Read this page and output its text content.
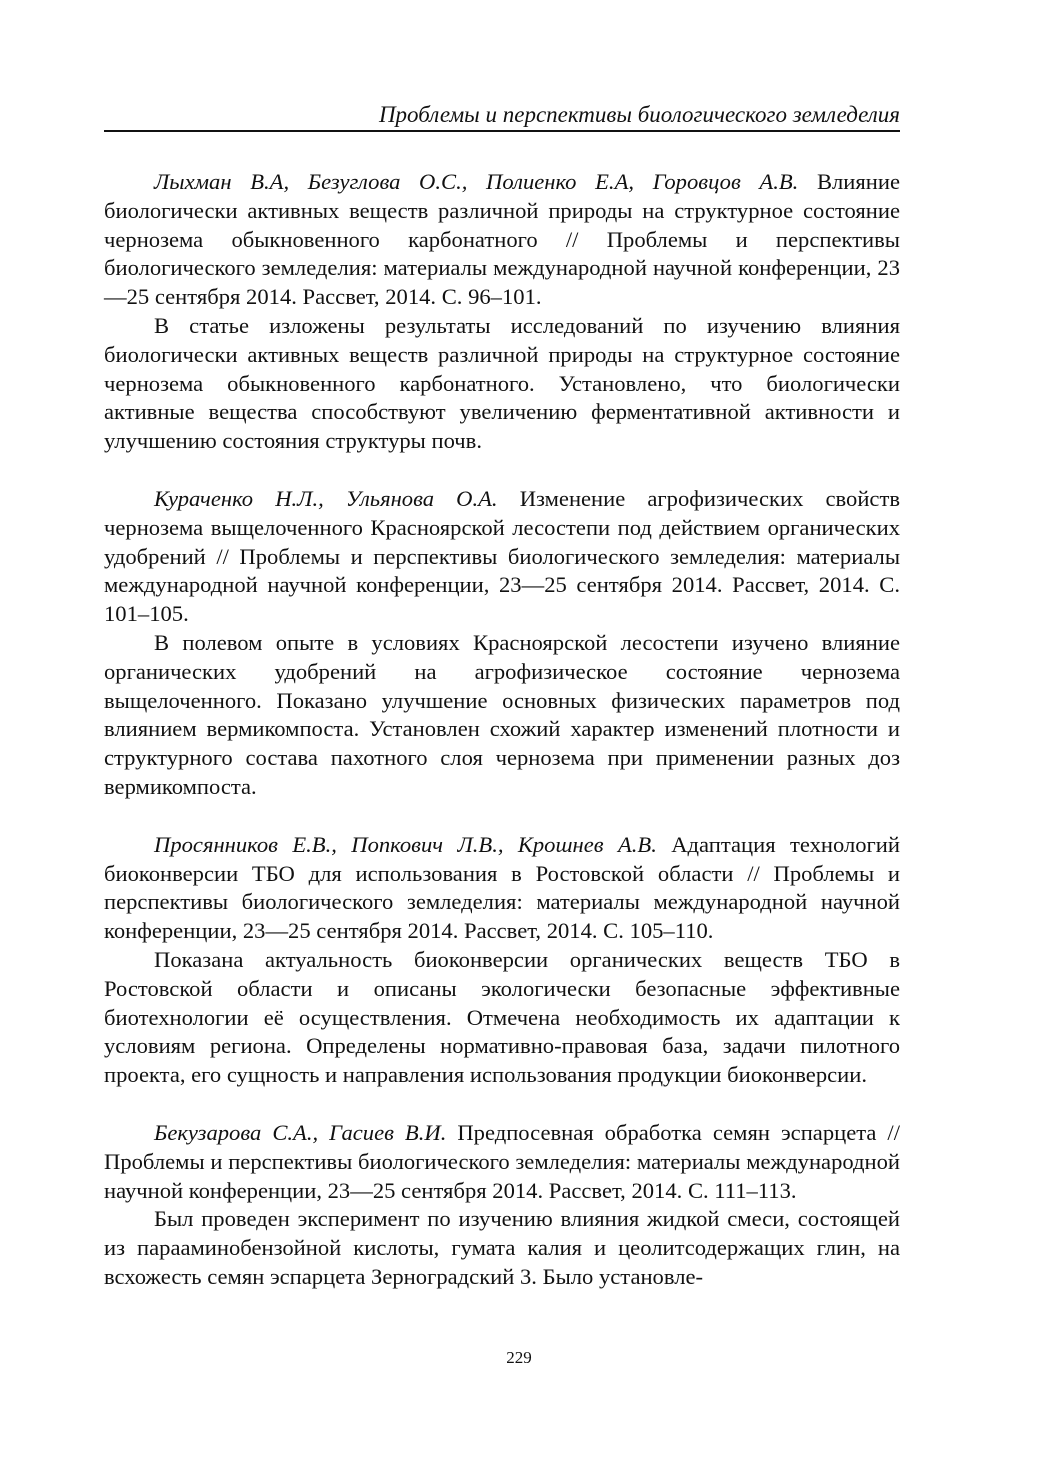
Проблемы и перспективы биологического земледелия

Лыхман В.А, Безуглова О.С., Полиенко Е.А, Горовцов А.В. Влияние биологически активных веществ различной природы на структурное состояние чернозема обыкновенного карбонатного // Проблемы и перспективы биологического земледелия: материалы международной научной конференции, 23—25 сентября 2014. Рассвет, 2014. С. 96–101.

В статье изложены результаты исследований по изучению влияния биологически активных веществ различной природы на структурное состояние чернозема обыкновенного карбонатного. Установлено, что биологически активные вещества способствуют увеличению ферментативной активности и улучшению состояния структуры почв.

Кураченко Н.Л., Ульянова О.А. Изменение агрофизических свойств чернозема выщелоченного Красноярской лесостепи под действием органических удобрений // Проблемы и перспективы биологического земледелия: материалы международной научной конференции, 23—25 сентября 2014. Рассвет, 2014. С. 101–105.

В полевом опыте в условиях Красноярской лесостепи изучено влияние органических удобрений на агрофизическое состояние чернозема выщелоченного. Показано улучшение основных физических параметров под влиянием вермикомпоста. Установлен схожий характер изменений плотности и структурного состава пахотного слоя чернозема при применении разных доз вермикомпоста.

Просянников Е.В., Попкович Л.В., Крошнев А.В. Адаптация технологий биоконверсии ТБО для использования в Ростовской области // Проблемы и перспективы биологического земледелия: материалы международной научной конференции, 23—25 сентября 2014. Рассвет, 2014. С. 105–110.

Показана актуальность биоконверсии органических веществ ТБО в Ростовской области и описаны экологически безопасные эффективные биотехнологии её осуществления. Отмечена необходимость их адаптации к условиям региона. Определены нормативно-правовая база, задачи пилотного проекта, его сущность и направления использования продукции биоконверсии.

Бекузарова С.А., Гасиев В.И. Предпосевная обработка семян эспарцета // Проблемы и перспективы биологического земледелия: материалы международной научной конференции, 23—25 сентября 2014. Рассвет, 2014. С. 111–113.

Был проведен эксперимент по изучению влияния жидкой смеси, состоящей из парааминобензойной кислоты, гумата калия и цеолитсодержащих глин, на всхожесть семян эспарцета Зерноградский 3. Было установле-

229
